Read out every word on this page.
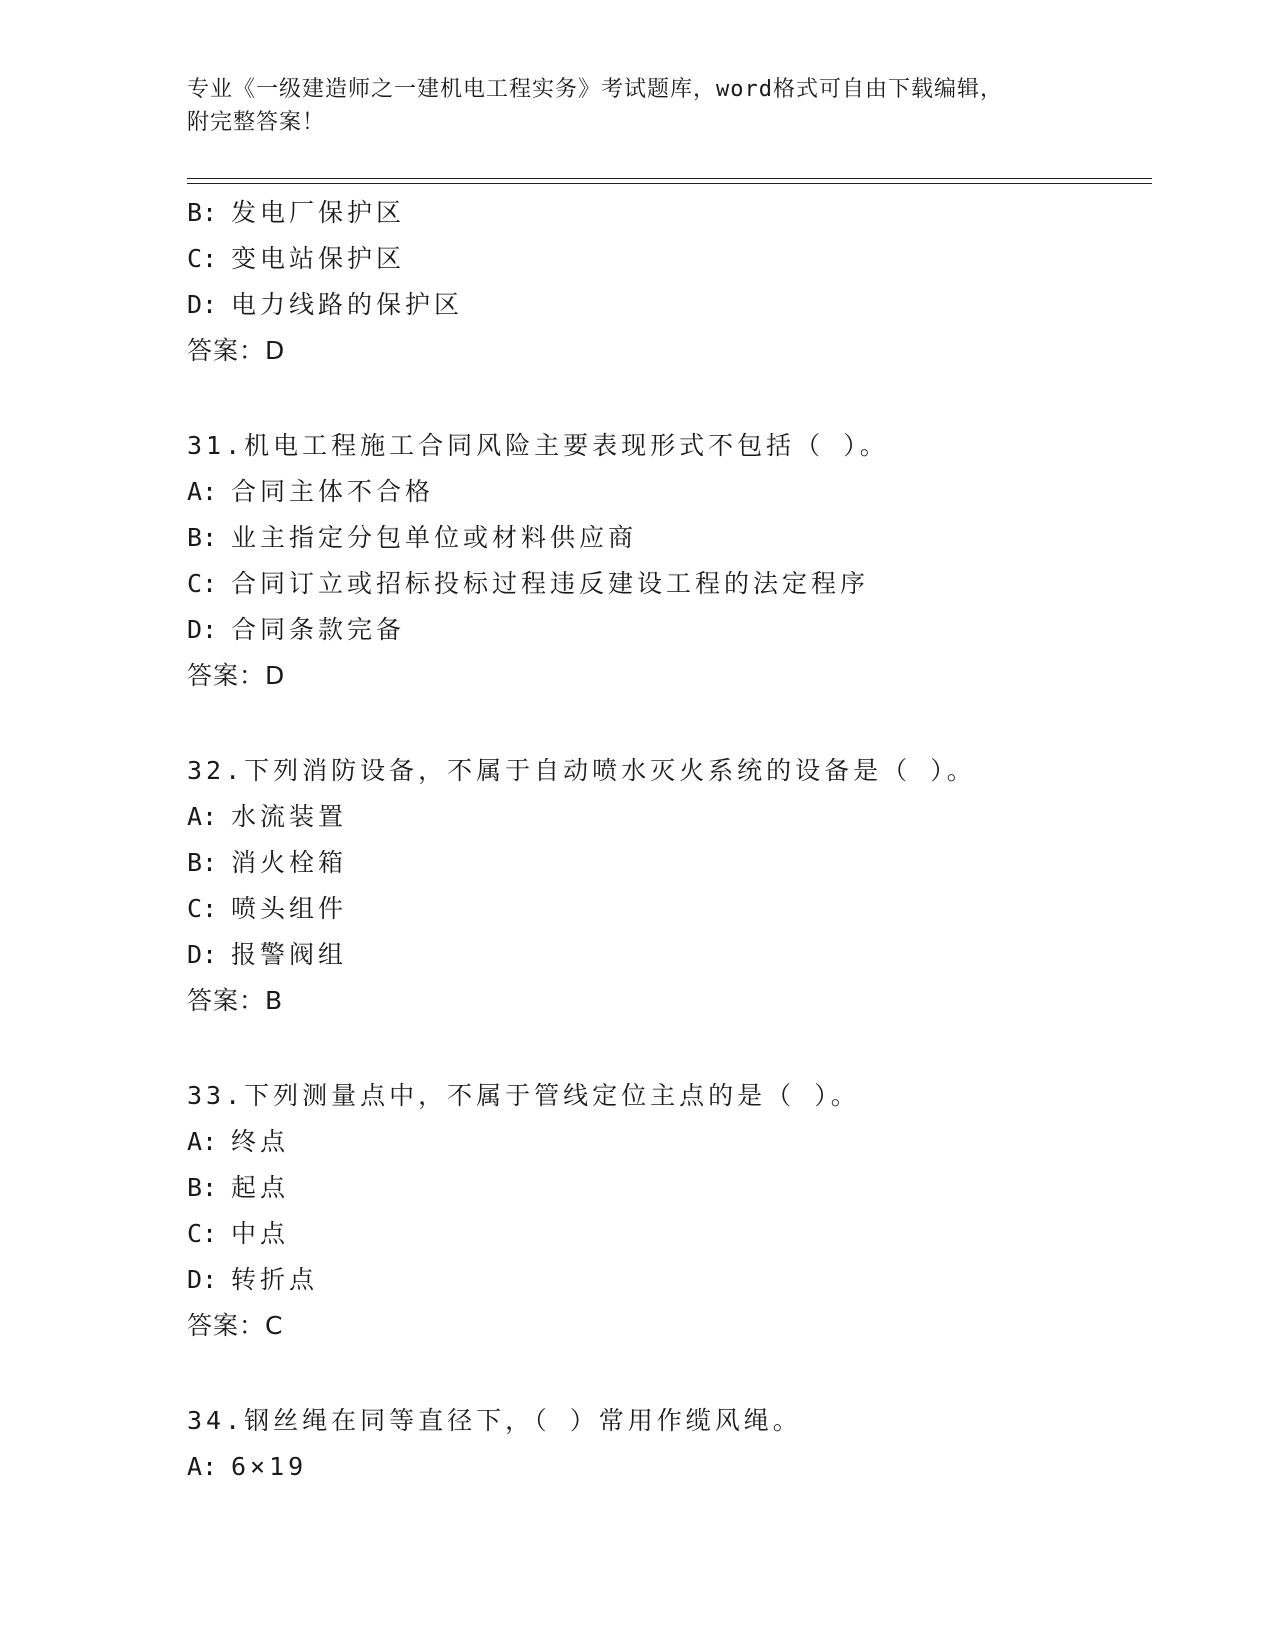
专业《一级建造师之一建机电工程实务》考试题库，word格式可自由下载编辑，
附完整答案！
B: 发电厂保护区
C: 变电站保护区
D: 电力线路的保护区
答案：D
31.机电工程施工合同风险主要表现形式不包括（ ）。
A: 合同主体不合格
B: 业主指定分包单位或材料供应商
C: 合同订立或招标投标过程违反建设工程的法定程序
D: 合同条款完备
答案：D
32.下列消防设备，不属于自动喷水灭火系统的设备是（ ）。
A: 水流装置
B: 消火栓箱
C: 喷头组件
D: 报警阀组
答案：B
33.下列测量点中，不属于管线定位主点的是（ ）。
A: 终点
B: 起点
C: 中点
D: 转折点
答案：C
34.钢丝绳在同等直径下，（ ）常用作缆风绳。
A: 6×19
